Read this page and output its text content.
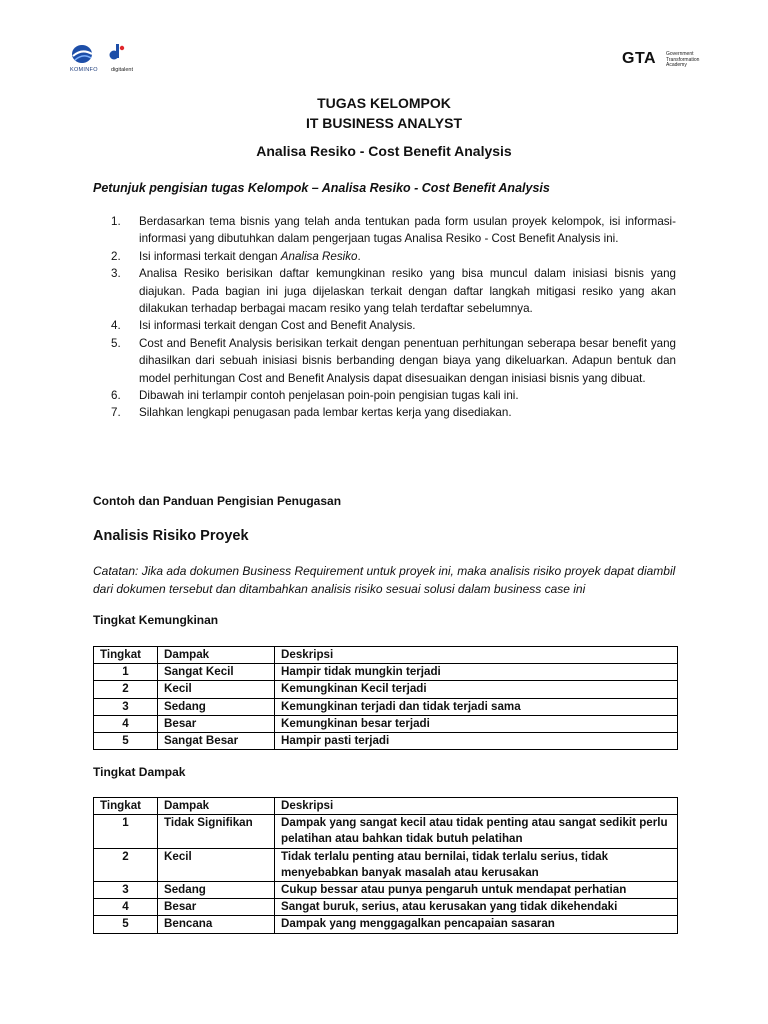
KOMINFO digitalent
GTA Government
Transformation
Academy
TUGAS KELOMPOK
IT BUSINESS ANALYST
Analisa Resiko - Cost Benefit Analysis
Petunjuk pengisian tugas Kelompok – Analisa Resiko - Cost Benefit Analysis
1. Berdasarkan tema bisnis yang telah anda tentukan pada form usulan proyek kelompok, isi informasi-informasi yang dibutuhkan dalam pengerjaan tugas Analisa Resiko - Cost Benefit Analysis ini.
2. Isi informasi terkait dengan Analisa Resiko.
3. Analisa Resiko berisikan daftar kemungkinan resiko yang bisa muncul dalam inisiasi bisnis yang diajukan. Pada bagian ini juga dijelaskan terkait dengan daftar langkah mitigasi resiko yang akan dilakukan terhadap berbagai macam resiko yang telah terdaftar sebelumnya.
4. Isi informasi terkait dengan Cost and Benefit Analysis.
5. Cost and Benefit Analysis berisikan terkait dengan penentuan perhitungan seberapa besar benefit yang dihasilkan dari sebuah inisiasi bisnis berbanding dengan biaya yang dikeluarkan. Adapun bentuk dan model perhitungan Cost and Benefit Analysis dapat disesuaikan dengan inisiasi bisnis yang dibuat.
6. Dibawah ini terlampir contoh penjelasan poin-poin pengisian tugas kali ini.
7. Silahkan lengkapi penugasan pada lembar kertas kerja yang disediakan.
Contoh dan Panduan Pengisian Penugasan
Analisis Risiko Proyek
Catatan: Jika ada dokumen Business Requirement untuk proyek ini, maka analisis risiko proyek dapat diambil dari dokumen tersebut dan ditambahkan analisis risiko sesuai solusi dalam business case ini
Tingkat Kemungkinan
Tingkat	Dampak	Deskripsi
1	Sangat Kecil	Hampir tidak mungkin terjadi
2	Kecil	Kemungkinan Kecil terjadi
3	Sedang	Kemungkinan terjadi dan tidak terjadi sama
4	Besar	Kemungkinan besar terjadi
5	Sangat Besar	Hampir pasti terjadi
Tingkat Dampak
Tingkat	Dampak	Deskripsi
1	Tidak Signifikan	Dampak yang sangat kecil atau tidak penting atau sangat sedikit perlu pelatihan atau bahkan tidak butuh pelatihan
2	Kecil	Tidak terlalu penting atau bernilai, tidak terlalu serius, tidak menyebabkan banyak masalah atau kerusakan
3	Sedang	Cukup bessar atau punya pengaruh untuk mendapat perhatian
4	Besar	Sangat buruk, serius, atau kerusakan yang tidak dikehendaki
5	Bencana	Dampak yang menggagalkan pencapaian sasaran
